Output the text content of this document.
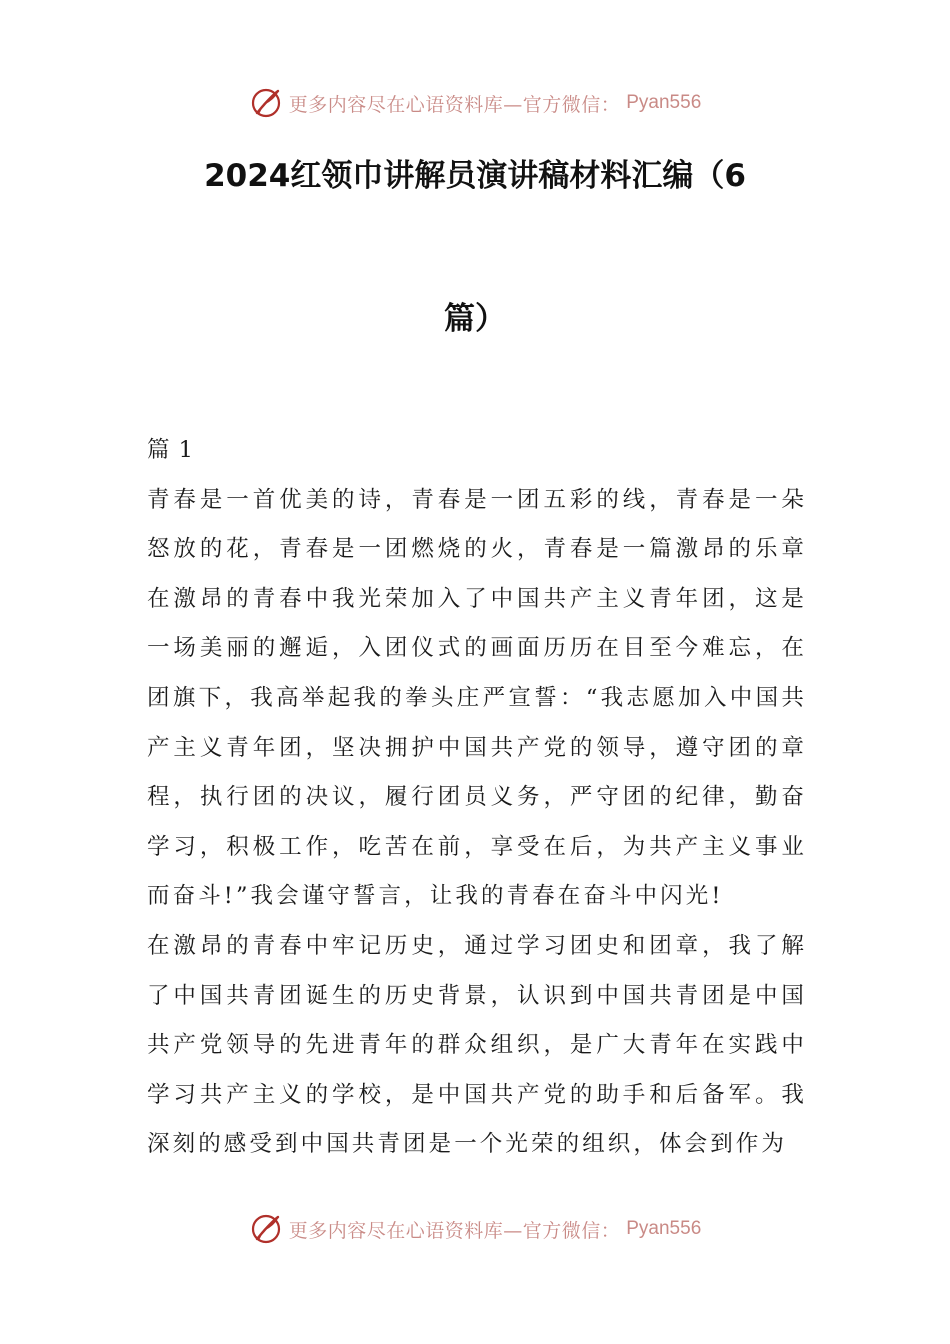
更多内容尽在心语资料库—官方微信： Pyan556
2024红领巾讲解员演讲稿材料汇编（6
篇）

篇 1

青春是一首优美的诗，青春是一团五彩的线，青春是一朵怒放的花，青春是一团燃烧的火，青春是一篇激昂的乐章在激昂的青春中我光荣加入了中国共产主义青年团，这是一场美丽的邂逅，入团仪式的画面历历在目至今难忘，在团旗下，我高举起我的拳头庄严宣誓：“我志愿加入中国共产主义青年团，坚决拥护中国共产党的领导，遵守团的章程，执行团的决议，履行团员义务，严守团的纪律，勤奋学习，积极工作，吃苦在前，享受在后，为共产主义事业而奋斗!”我会谨守誓言，让我的青春在奋斗中闪光!

在激昂的青春中牢记历史，通过学习团史和团章，我了解了中国共青团诞生的历史背景，认识到中国共青团是中国共产党领导的先进青年的群众组织，是广大青年在实践中学习共产主义的学校，是中国共产党的助手和后备军。我深刻的感受到中国共青团是一个光荣的组织，体会到作为

更多内容尽在心语资料库—官方微信： Pyan556
